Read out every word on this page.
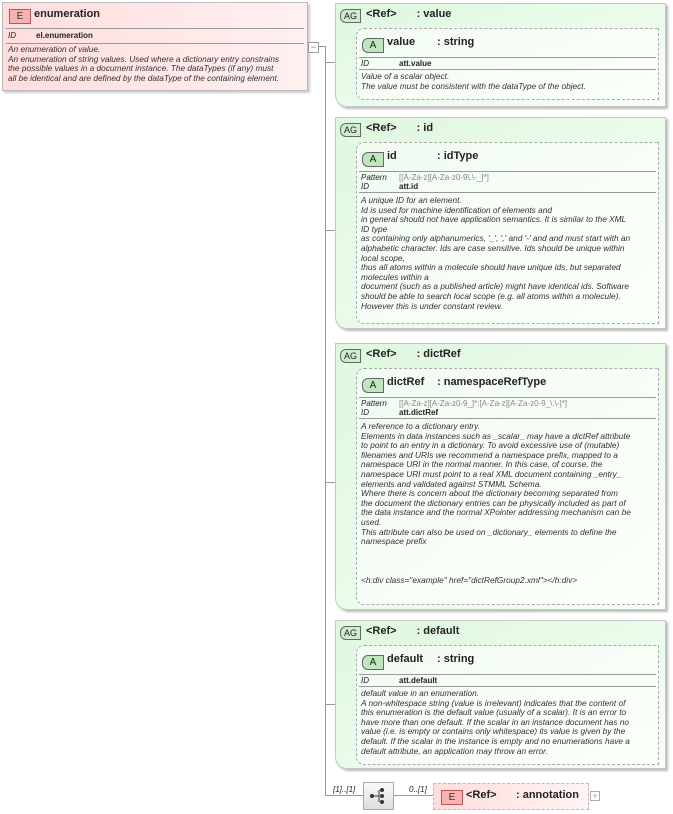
E enumeration
ID	el.enumeration
An enumeration of value.
An enumeration of string values. Used where a dictionary entry constrains
the possible values in a document instance. The dataTypes (if any) must
all be identical and are defined by the dataType of the containing element.
−
AG <Ref> : value
A value : string
ID	att.value
Value of a scalar object.
The value must be consistent with the dataType of the object.
AG <Ref> : id
A id	: idType
Pattern [[A-Za-z][A-Za-z0-9\.\-_]*]
ID	att.id
A unique ID for an element.
Id is used for machine identification of elements and
in general should not have application semantics. It is similar to the XML
ID type
as containing only alphanumerics, '_', ',' and '-' and and must start with an
alphabetic character. Ids are case sensitive. Ids should be unique within
local scope,
thus all atoms within a molecule should have unique ids, but separated
molecules within a
document (such as a published article) might have identical ids. Software
should be able to search local scope (e.g. all atoms within a molecule).
However this is under constant review.
AG <Ref> : dictRef
A dictRef : namespaceRefType
Pattern [[A-Za-z][A-Za-z0-9_]*:[A-Za-z][A-Za-z0-9_\.\-]*]
ID	att.dictRef
A reference to a dictionary entry.
Elements in data instances such as _scalar_ may have a dictRef attribute
to point to an entry in a dictionary. To avoid excessive use of (mutable)
filenames and URIs we recommend a namespace prefix, mapped to a
namespace URI in the normal manner. In this case, of course, the
namespace URI must point to a real XML document containing _entry_
elements and validated against STMML Schema.
Where there is concern about the dictionary becoming separated from
the document the dictionary entries can be physically included as part of
the data instance and the normal XPointer addressing mechanism can be
used.
This attribute can also be used on _dictionary_ elements to define the
namespace prefix
<h:div class="example" href="dictRefGroup2.xml"></h:div>
AG <Ref> : default
A default : string
ID	att.default
default value in an enumeration.
A non-whitespace string (value is irrelevant) indicates that the content of
this enumeration is the default value (usually of a scalar). It is an error to
have more than one default. If the scalar in an instance document has no
value (i.e. is empty or contains only whitespace) its value is given by the
default. If the scalar in the instance is empty and no enumerations have a
default attribute, an application may throw an error.
[1]..[1]	0..[1]
E <Ref> : annotation +
